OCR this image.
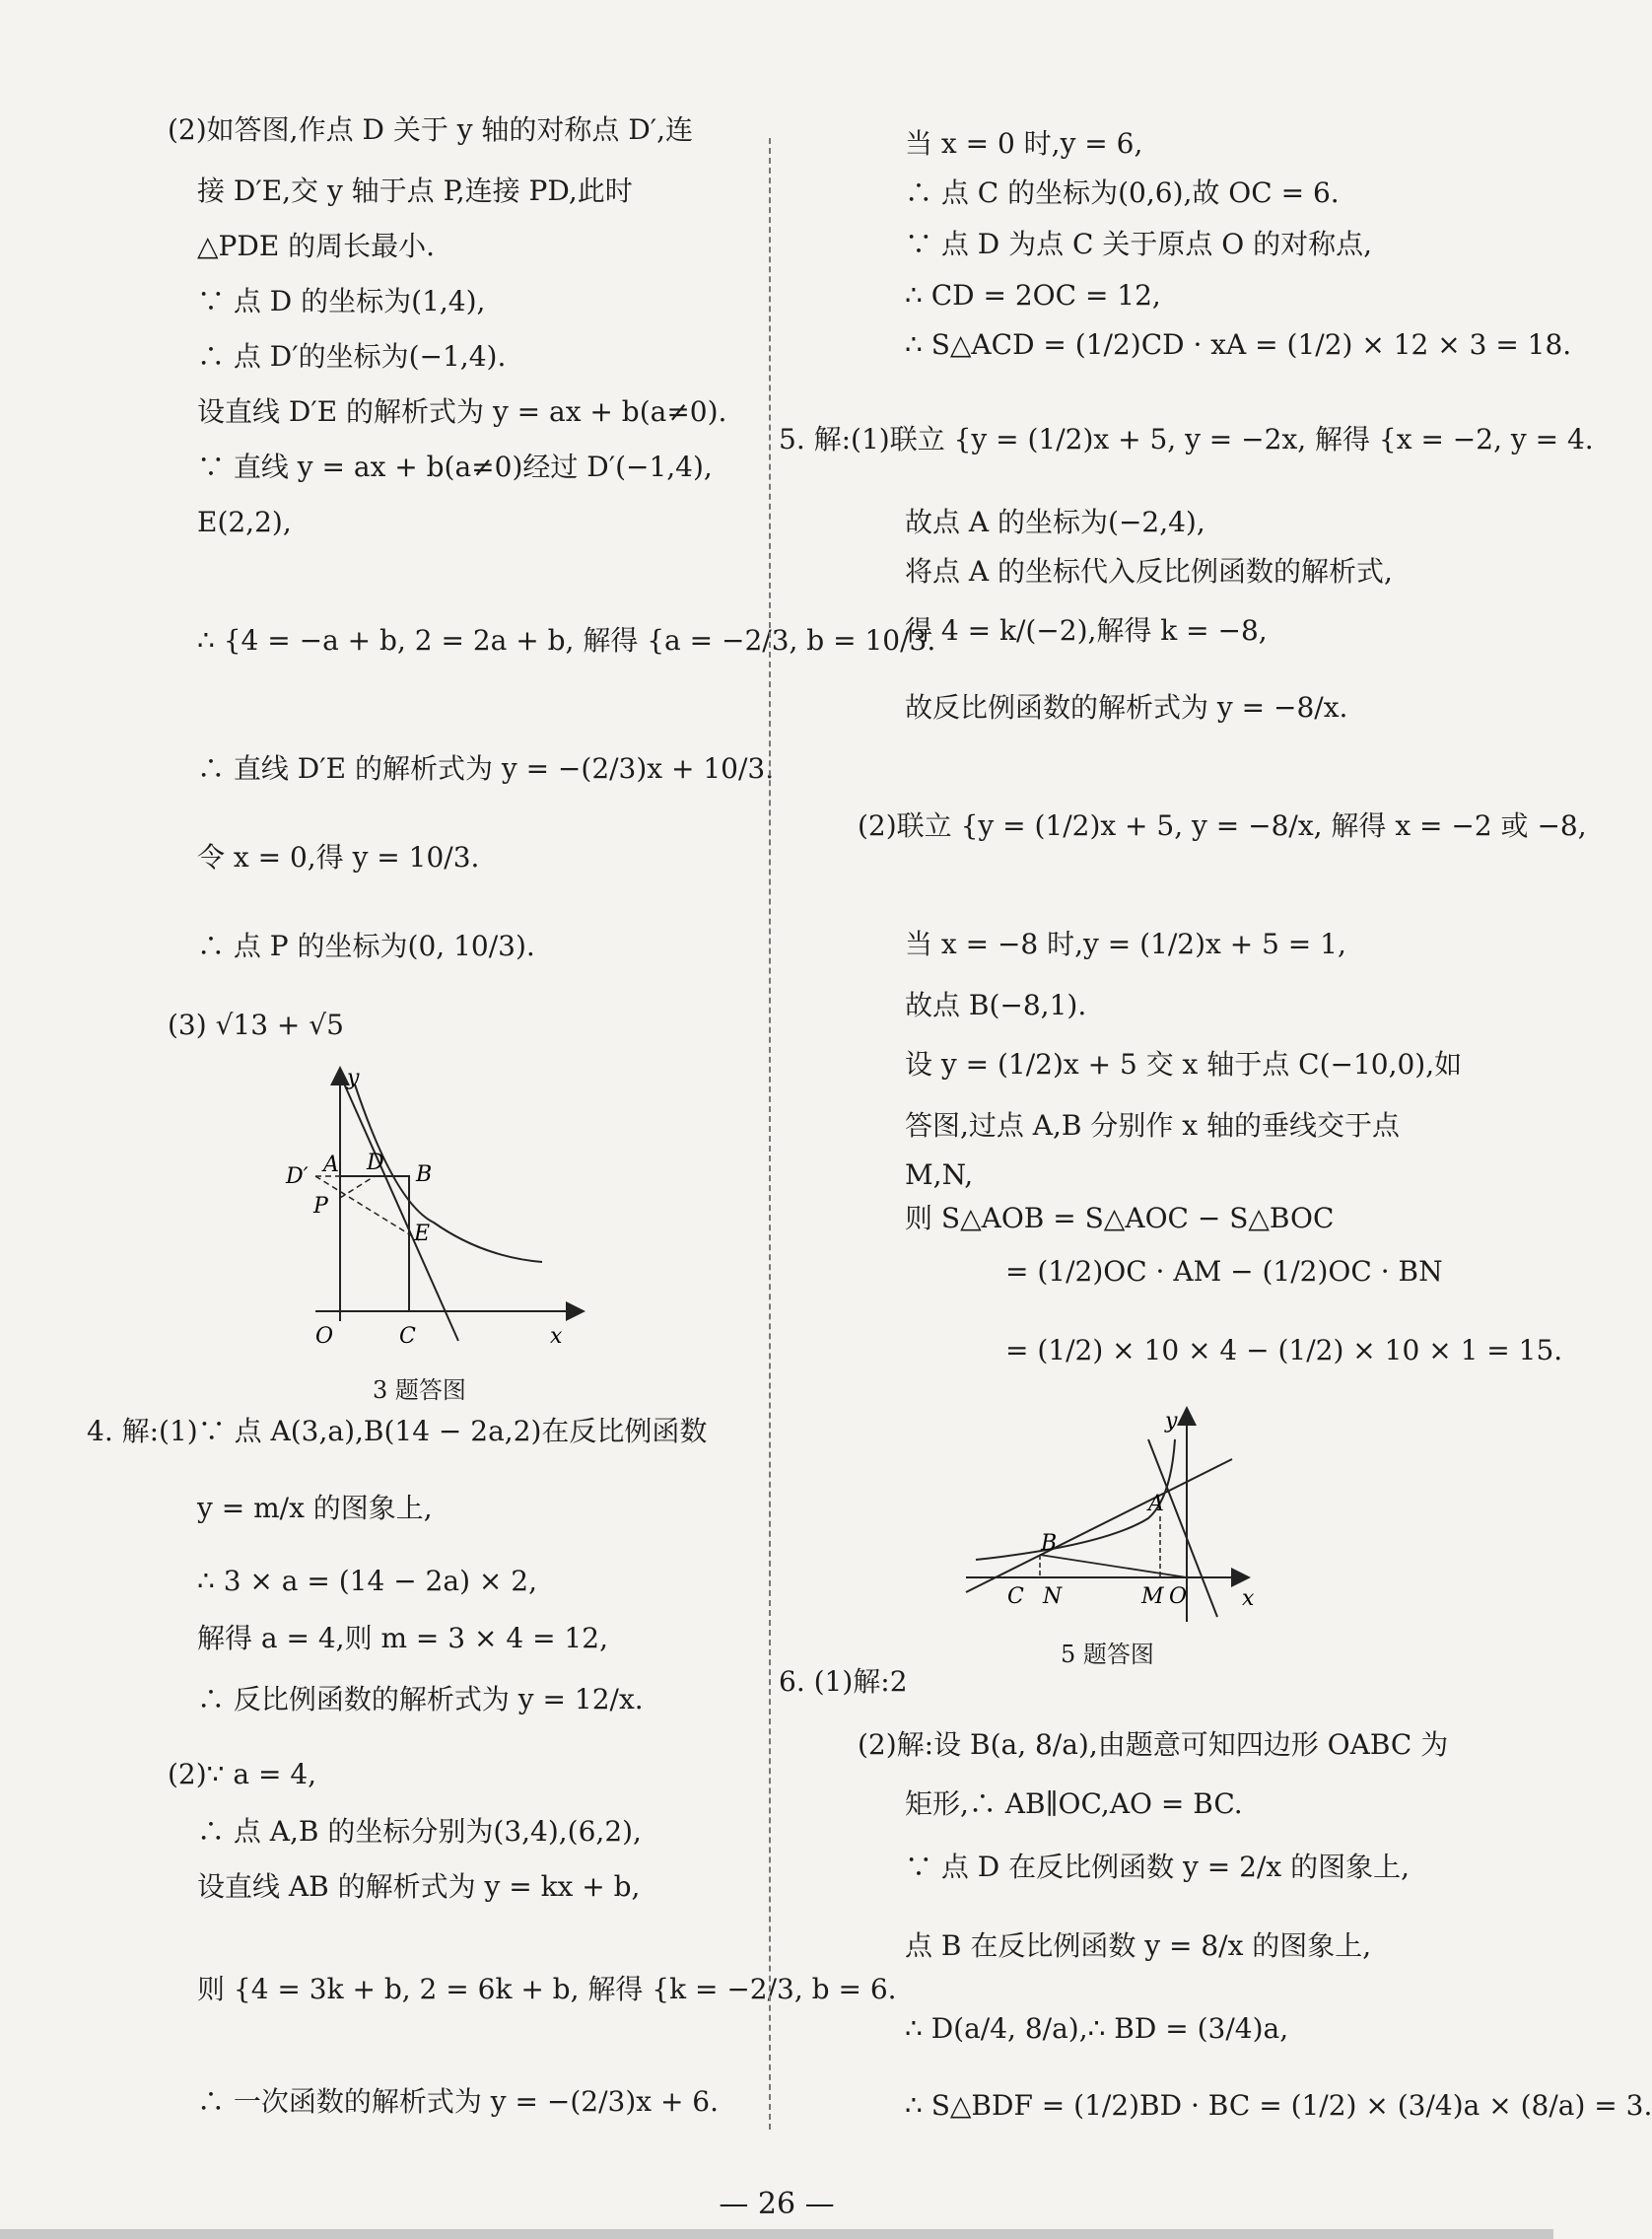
(2)如答图,作点 D 关于 y 轴的对称点 D′,连
接 D′E,交 y 轴于点 P,连接 PD,此时
△PDE 的周长最小.
∵ 点 D 的坐标为(1,4),
∴ 点 D′的坐标为(−1,4).
设直线 D′E 的解析式为 y = ax + b(a≠0).
∵ 直线 y = ax + b(a≠0)经过 D′(−1,4),
E(2,2),
∴ {4 = −a + b, 2 = 2a + b, 解得 {a = −2/3, b = 10/3.
∴ 直线 D′E 的解析式为 y = −(2/3)x + 10/3.
令 x = 0,得 y = 10/3.
∴ 点 P 的坐标为(0, 10/3).
(3) √13 + √5
4. 解:(1)∵ 点 A(3,a),B(14 − 2a,2)在反比例函数
y = m/x 的图象上,
∴ 3 × a = (14 − 2a) × 2,
解得 a = 4,则 m = 3 × 4 = 12,
∴ 反比例函数的解析式为 y = 12/x.
(2)∵ a = 4,
∴ 点 A,B 的坐标分别为(3,4),(6,2),
设直线 AB 的解析式为 y = kx + b,
则 {4 = 3k + b, 2 = 6k + b, 解得 {k = −2/3, b = 6.
∴ 一次函数的解析式为 y = −(2/3)x + 6.
当 x = 0 时,y = 6,
∴ 点 C 的坐标为(0,6),故 OC = 6.
∵ 点 D 为点 C 关于原点 O 的对称点,
∴ CD = 2OC = 12,
∴ S△ACD = (1/2)CD · xA = (1/2) × 12 × 3 = 18.
5. 解:(1)联立 {y = (1/2)x + 5, y = −2x, 解得 {x = −2, y = 4.
故点 A 的坐标为(−2,4),
将点 A 的坐标代入反比例函数的解析式,
得 4 = k/(−2),解得 k = −8,
故反比例函数的解析式为 y = −8/x.
(2)联立 {y = (1/2)x + 5, y = −8/x, 解得 x = −2 或 −8,
当 x = −8 时,y = (1/2)x + 5 = 1,
故点 B(−8,1).
设 y = (1/2)x + 5 交 x 轴于点 C(−10,0),如
答图,过点 A,B 分别作 x 轴的垂线交于点
M,N,
则 S△AOB = S△AOC − S△BOC
= (1/2)OC · AM − (1/2)OC · BN
= (1/2) × 10 × 4 − (1/2) × 10 × 1 = 15.
6. (1)解:2
(2)解:设 B(a, 8/a),由题意可知四边形 OABC 为
矩形,∴ AB∥OC,AO = BC.
∵ 点 D 在反比例函数 y = 2/x 的图象上,
点 B 在反比例函数 y = 8/x 的图象上,
∴ D(a/4, 8/a),∴ BD = (3/4)a,
∴ S△BDF = (1/2)BD · BC = (1/2) × (3/4)a × (8/a) = 3.
y
x
O	C
A D B
D′
P
E
3 题答图
y
x
O
A
B
C N	M
5 题答图
— 26 —
